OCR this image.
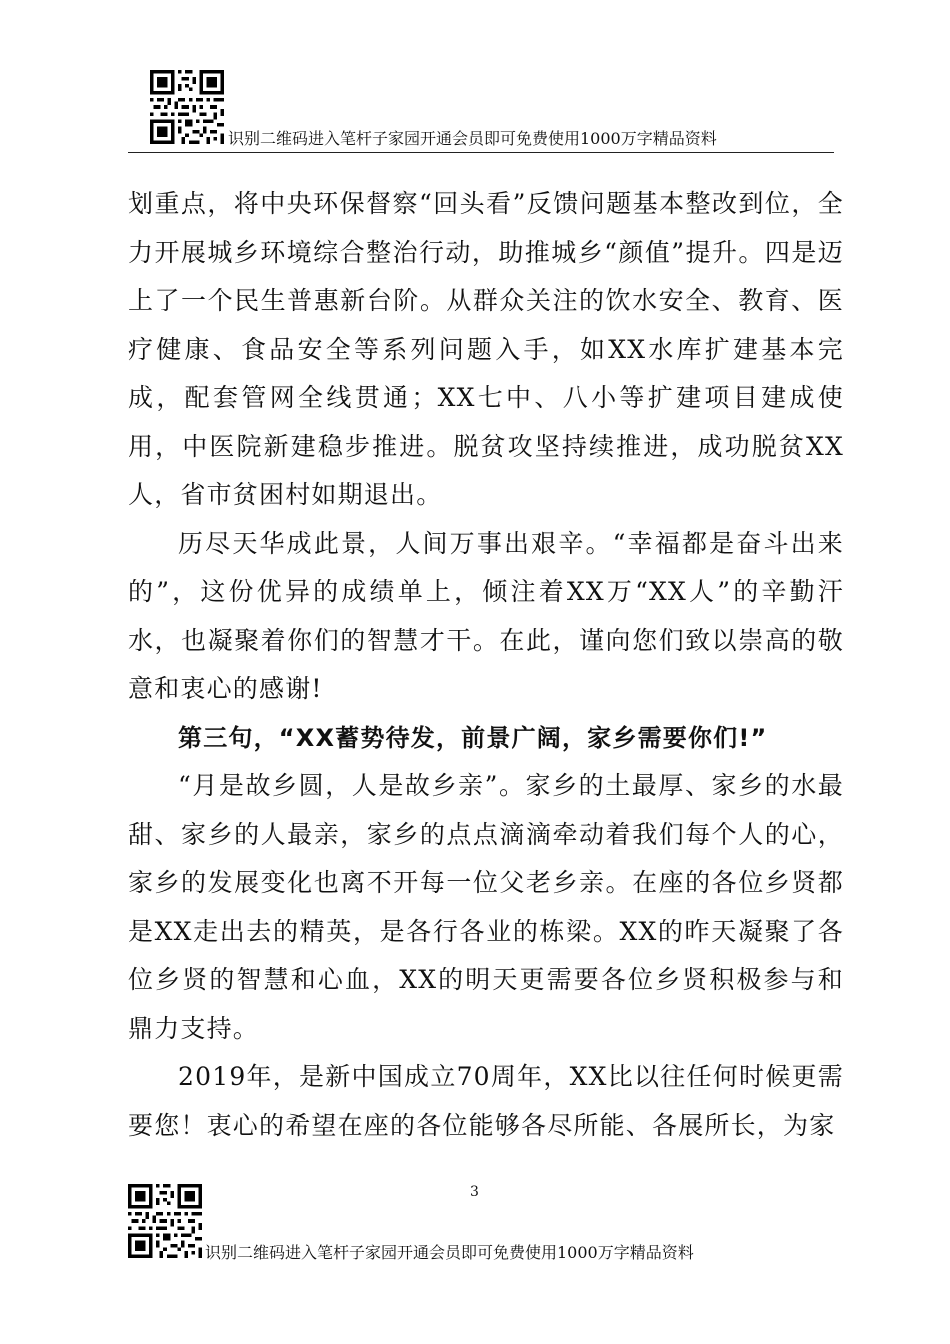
识别二维码进入笔杆子家园开通会员即可免费使用1000万字精品资料

划重点，将中央环保督察“回头看”反馈问题基本整改到位，全力开展城乡环境综合整治行动，助推城乡“颜值”提升。四是迈上了一个民生普惠新台阶。从群众关注的饮水安全、教育、医疗健康、食品安全等系列问题入手，如XX水库扩建基本完成，配套管网全线贯通；XX七中、八小等扩建项目建成使用，中医院新建稳步推进。脱贫攻坚持续推进，成功脱贫XX人，省市贫困村如期退出。

历尽天华成此景，人间万事出艰辛。“幸福都是奋斗出来的”，这份优异的成绩单上，倾注着XX万“XX人”的辛勤汗水，也凝聚着你们的智慧才干。在此，谨向您们致以崇高的敬意和衷心的感谢!

第三句，“XX蓄势待发，前景广阔，家乡需要你们!”

“月是故乡圆，人是故乡亲”。家乡的土最厚、家乡的水最甜、家乡的人最亲，家乡的点点滴滴牵动着我们每个人的心，家乡的发展变化也离不开每一位父老乡亲。在座的各位乡贤都是XX走出去的精英，是各行各业的栋梁。XX的昨天凝聚了各位乡贤的智慧和心血，XX的明天更需要各位乡贤积极参与和鼎力支持。

2019年，是新中国成立70周年，XX比以往任何时候更需要您！衷心的希望在座的各位能够各尽所能、各展所长，为家

3
识别二维码进入笔杆子家园开通会员即可免费使用1000万字精品资料
